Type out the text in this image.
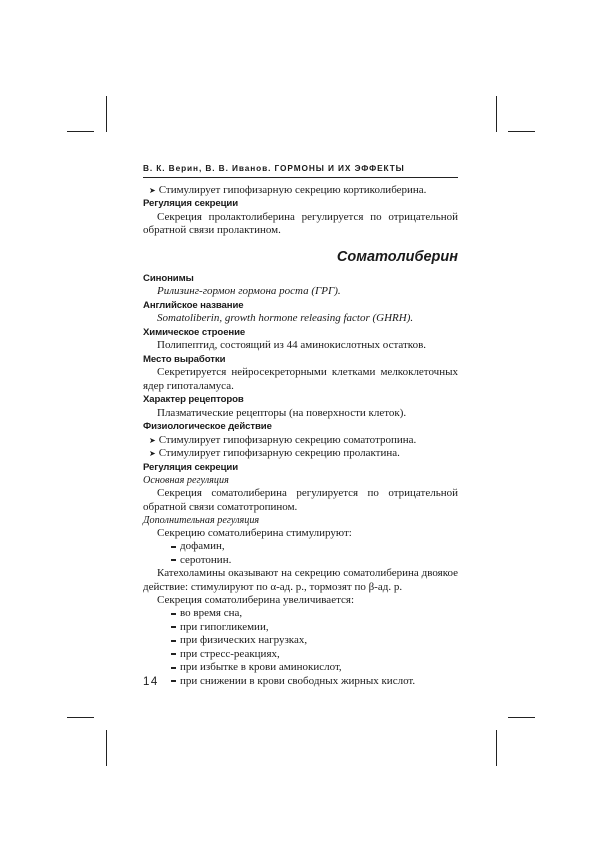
В. К. Верин, В. В. Иванов. ГОРМОНЫ И ИХ ЭФФЕКТЫ
➤ Стимулирует гипофизарную секрецию кортиколиберина.
Регуляция секреции
Секреция пролактолиберина регулируется по отрицательной обратной связи пролактином.
Соматолиберин
Синонимы
Рилизинг-гормон гормона роста (ГРГ).
Английское название
Somatoliberin, growth hormone releasing factor (GHRH).
Химическое строение
Полипептид, состоящий из 44 аминокислотных остатков.
Место выработки
Секретируется нейросекреторными клетками мелкоклеточных ядер гипоталамуса.
Характер рецепторов
Плазматические рецепторы (на поверхности клеток).
Физиологическое действие
➤ Стимулирует гипофизарную секрецию соматотропина.
➤ Стимулирует гипофизарную секрецию пролактина.
Регуляция секреции
Основная регуляция
Секреция соматолиберина регулируется по отрицательной обратной связи соматотропином.
Дополнительная регуляция
Секрецию соматолиберина стимулируют:
дофамин,
серотонин.
Катехоламины оказывают на секрецию соматолиберина двоякое действие: стимулируют по α-ад. р., тормозят по β-ад. р.
Секреция соматолиберина увеличивается:
во время сна,
при гипогликемии,
при физических нагрузках,
при стресс-реакциях,
при избытке в крови аминокислот,
при снижении в крови свободных жирных кислот.
14
